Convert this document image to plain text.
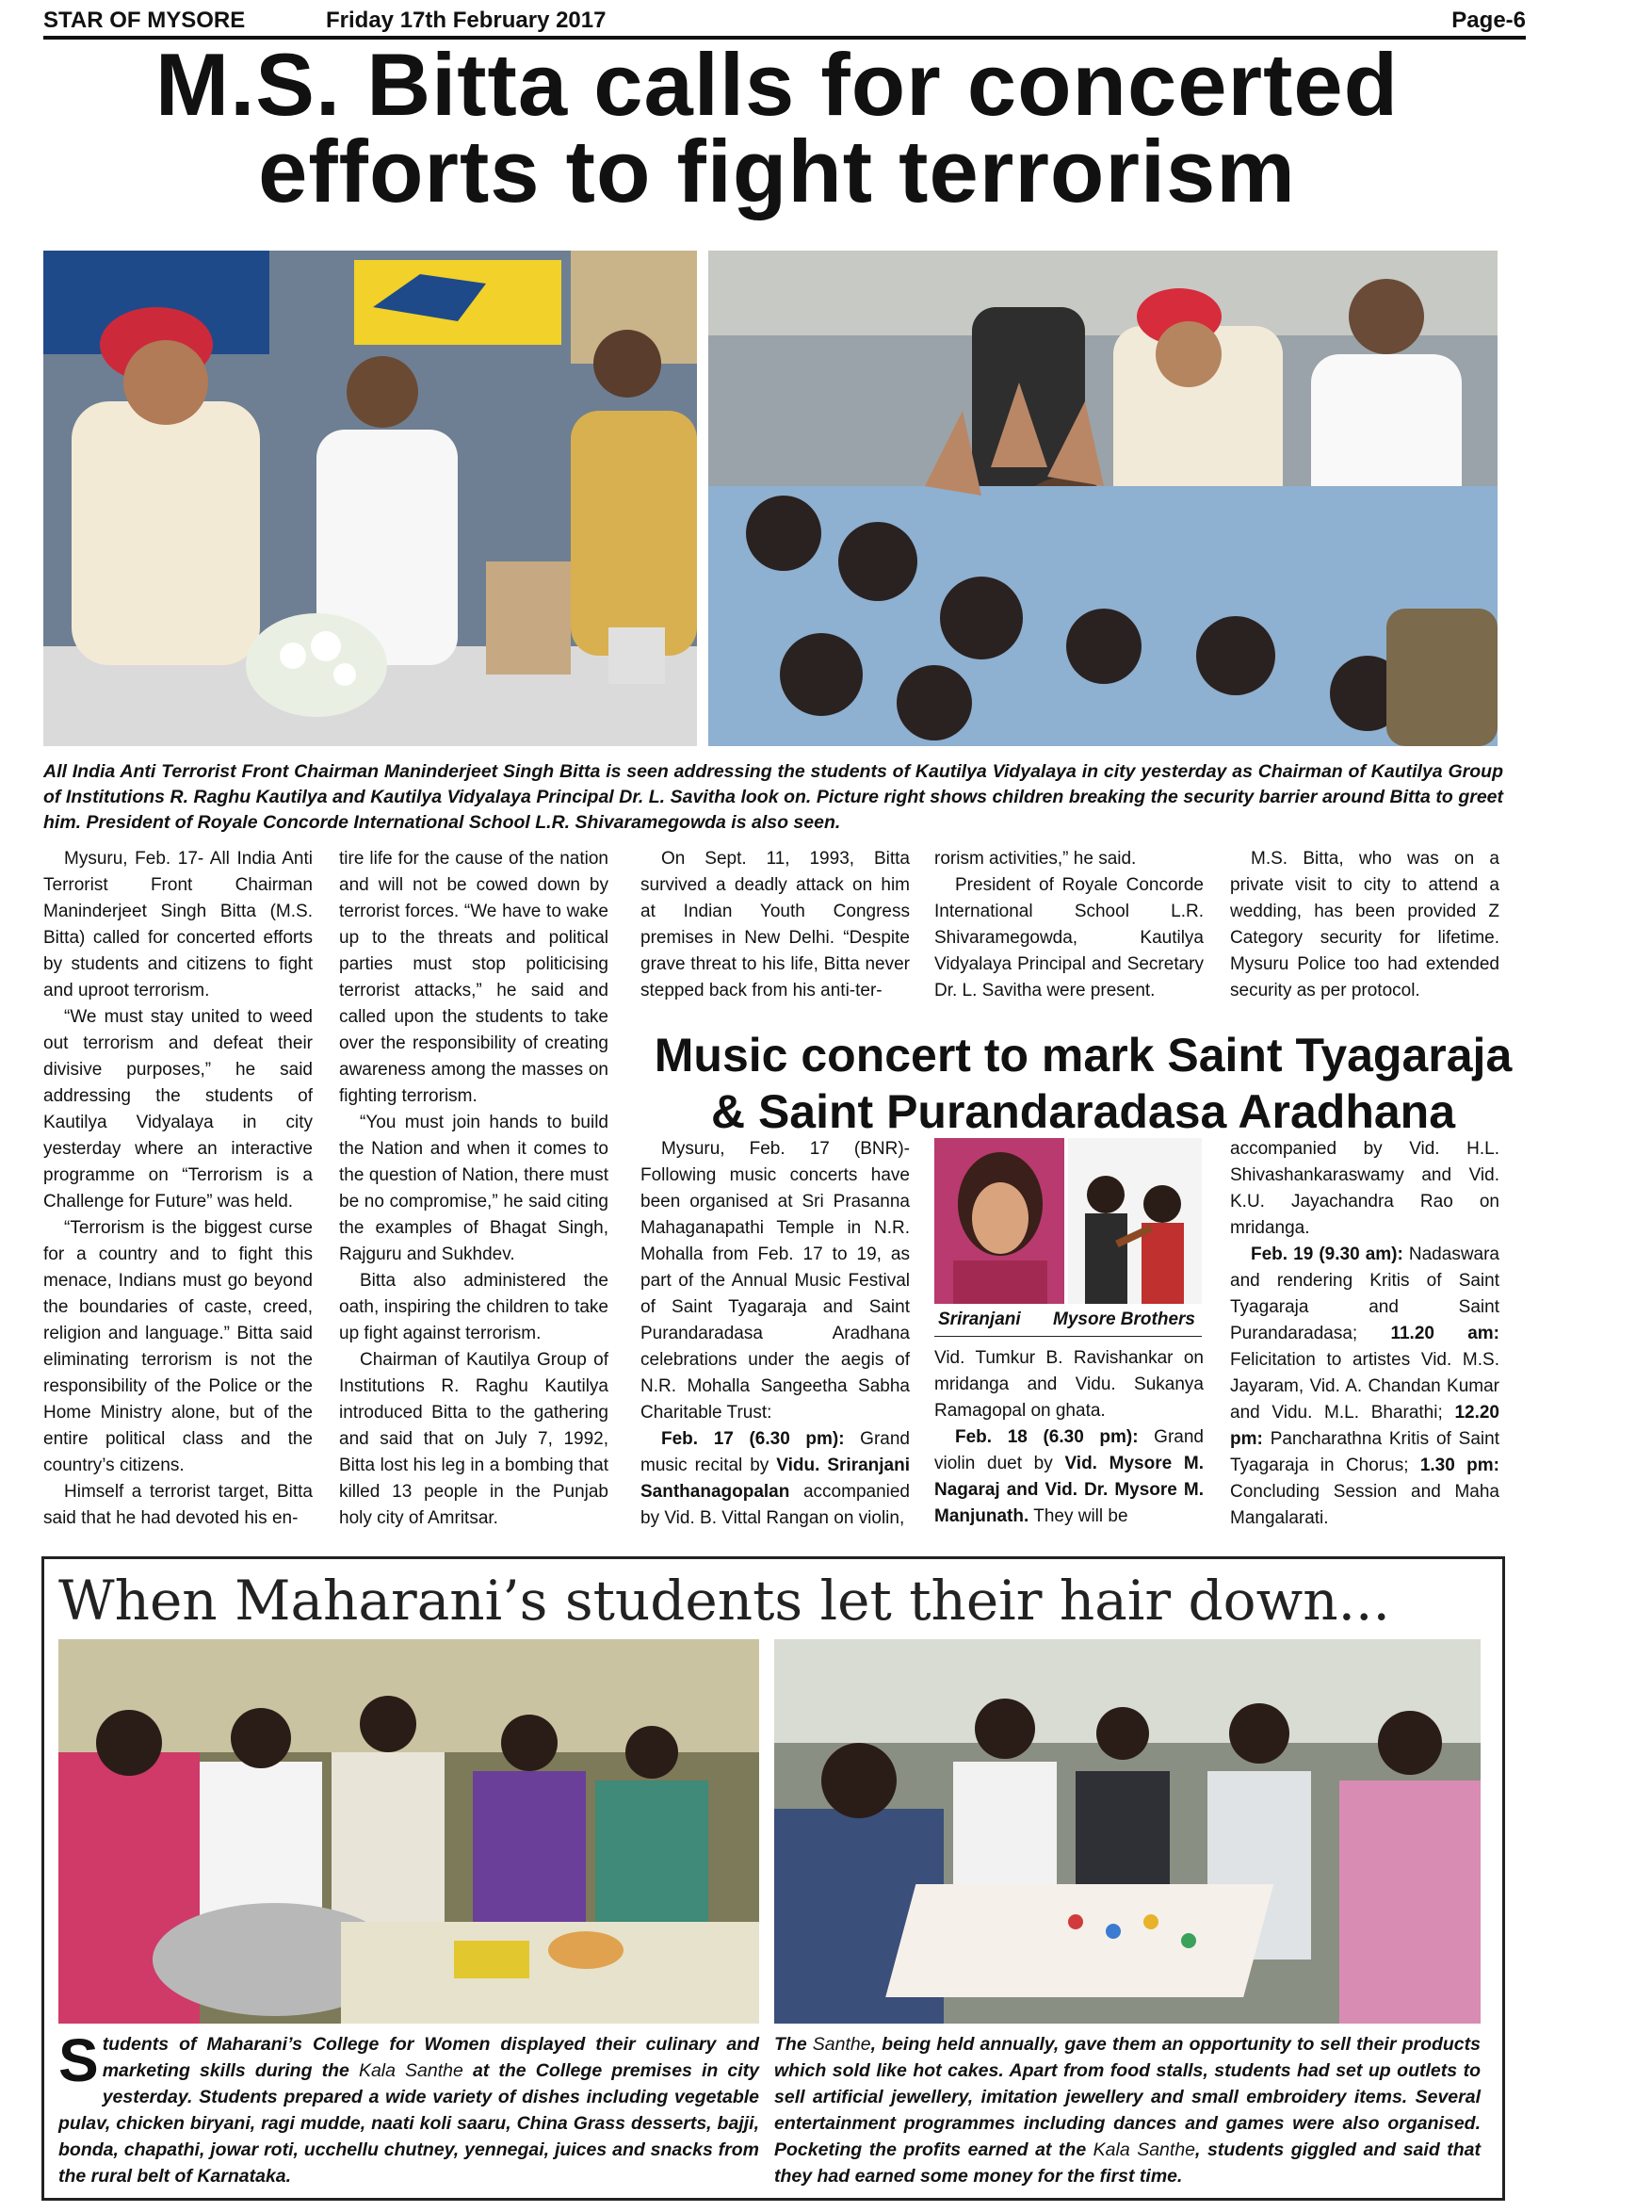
STAR OF MYSORE	Friday 17th February 2017	Page-6
M.S. Bitta calls for concerted
efforts to fight terrorism
All India Anti Terrorist Front Chairman Maninderjeet Singh Bitta is seen addressing the students of Kautilya Vidyalaya in city yesterday as Chairman of Kautilya Group of Institutions R. Raghu Kautilya and Kautilya Vidyalaya Principal Dr. L. Savitha look on. Picture right shows children breaking the security barrier around Bitta to greet him. President of Royale Concorde International School L.R. Shivaramegowda is also seen.

Mysuru, Feb. 17- All India Anti Terrorist Front Chairman Maninderjeet Singh Bitta (M.S. Bitta) called for concerted efforts by students and citizens to fight and uproot terrorism.

“We must stay united to weed out terrorism and defeat their divisive purposes,” he said addressing the students of Kautilya Vidyalaya in city yesterday where an interactive programme on “Terrorism is a Challenge for Future” was held.

“Terrorism is the biggest curse for a country and to fight this menace, Indians must go beyond the boundaries of caste, creed, religion and language.” Bitta said eliminating terrorism is not the responsibility of the Police or the Home Ministry alone, but of the entire political class and the country’s citizens.

Himself a terrorist target, Bitta said that he had devoted his en-

tire life for the cause of the nation and will not be cowed down by terrorist forces. “We have to wake up to the threats and political parties must stop politicising terrorist attacks,” he said and called upon the students to take over the responsibility of creating awareness among the masses on fighting terrorism.

“You must join hands to build the Nation and when it comes to the question of Nation, there must be no compromise,” he said citing the examples of Bhagat Singh, Rajguru and Sukhdev.

Bitta also administered the oath, inspiring the children to take up fight against terrorism.

Chairman of Kautilya Group of Institutions R. Raghu Kautilya introduced Bitta to the gathering and said that on July 7, 1992, Bitta lost his leg in a bombing that killed 13 people in the Punjab holy city of Amritsar.

On Sept. 11, 1993, Bitta survived a deadly attack on him at Indian Youth Congress premises in New Delhi. “Despite grave threat to his life, Bitta never stepped back from his anti-ter-

rorism activities,” he said.

President of Royale Concorde International School L.R. Shivaramegowda, Kautilya Vidyalaya Principal and Secretary Dr. L. Savitha were present.

M.S. Bitta, who was on a private visit to city to attend a wedding, has been provided Z Category security for lifetime. Mysuru Police too had extended security as per protocol.

Music concert to mark Saint Tyagaraja
& Saint Purandaradasa Aradhana

Mysuru, Feb. 17 (BNR)- Following music concerts have been organised at Sri Prasanna Mahaganapathi Temple in N.R. Mohalla from Feb. 17 to 19, as part of the Annual Music Festival of Saint Tyagaraja and Saint Purandaradasa Aradhana celebrations under the aegis of N.R. Mohalla Sangeetha Sabha Charitable Trust:

Feb. 17 (6.30 pm): Grand music recital by Vidu. Sriranjani Santhanagopalan accompanied by Vid. B. Vittal Rangan on violin,

Sriranjani Mysore Brothers

Vid. Tumkur B. Ravishankar on mridanga and Vidu. Sukanya Ramagopal on ghata.

Feb. 18 (6.30 pm): Grand violin duet by Vid. Mysore M. Nagaraj and Vid. Dr. Mysore M. Manjunath. They will be

accompanied by Vid. H.L. Shivashankaraswamy and Vid. K.U. Jayachandra Rao on mridanga.

Feb. 19 (9.30 am): Nadaswara and rendering Kritis of Saint Tyagaraja and Saint Purandaradasa; 11.20 am: Felicitation to artistes Vid. M.S. Jayaram, Vid. A. Chandan Kumar and Vidu. M.L. Bharathi; 12.20 pm: Pancharathna Kritis of Saint Tyagaraja in Chorus; 1.30 pm: Concluding Session and Maha Mangalarati.

When Maharani’s students let their hair down...
Students of Maharani’s College for Women displayed their culinary and marketing skills during the Kala Santhe at the College premises in city yesterday. Students prepared a wide variety of dishes including vegetable pulav, chicken biryani, ragi mudde, naati koli saaru, China Grass desserts, bajji, bonda, chapathi, jowar roti, ucchellu chutney, yennegai, juices and snacks from the rural belt of Karnataka.
The Santhe, being held annually, gave them an opportunity to sell their products which sold like hot cakes. Apart from food stalls, students had set up outlets to sell artificial jewellery, imitation jewellery and small embroidery items. Several entertainment programmes including dances and games were also organised. Pocketing the profits earned at the Kala Santhe, students giggled and said that they had earned some money for the first time.
